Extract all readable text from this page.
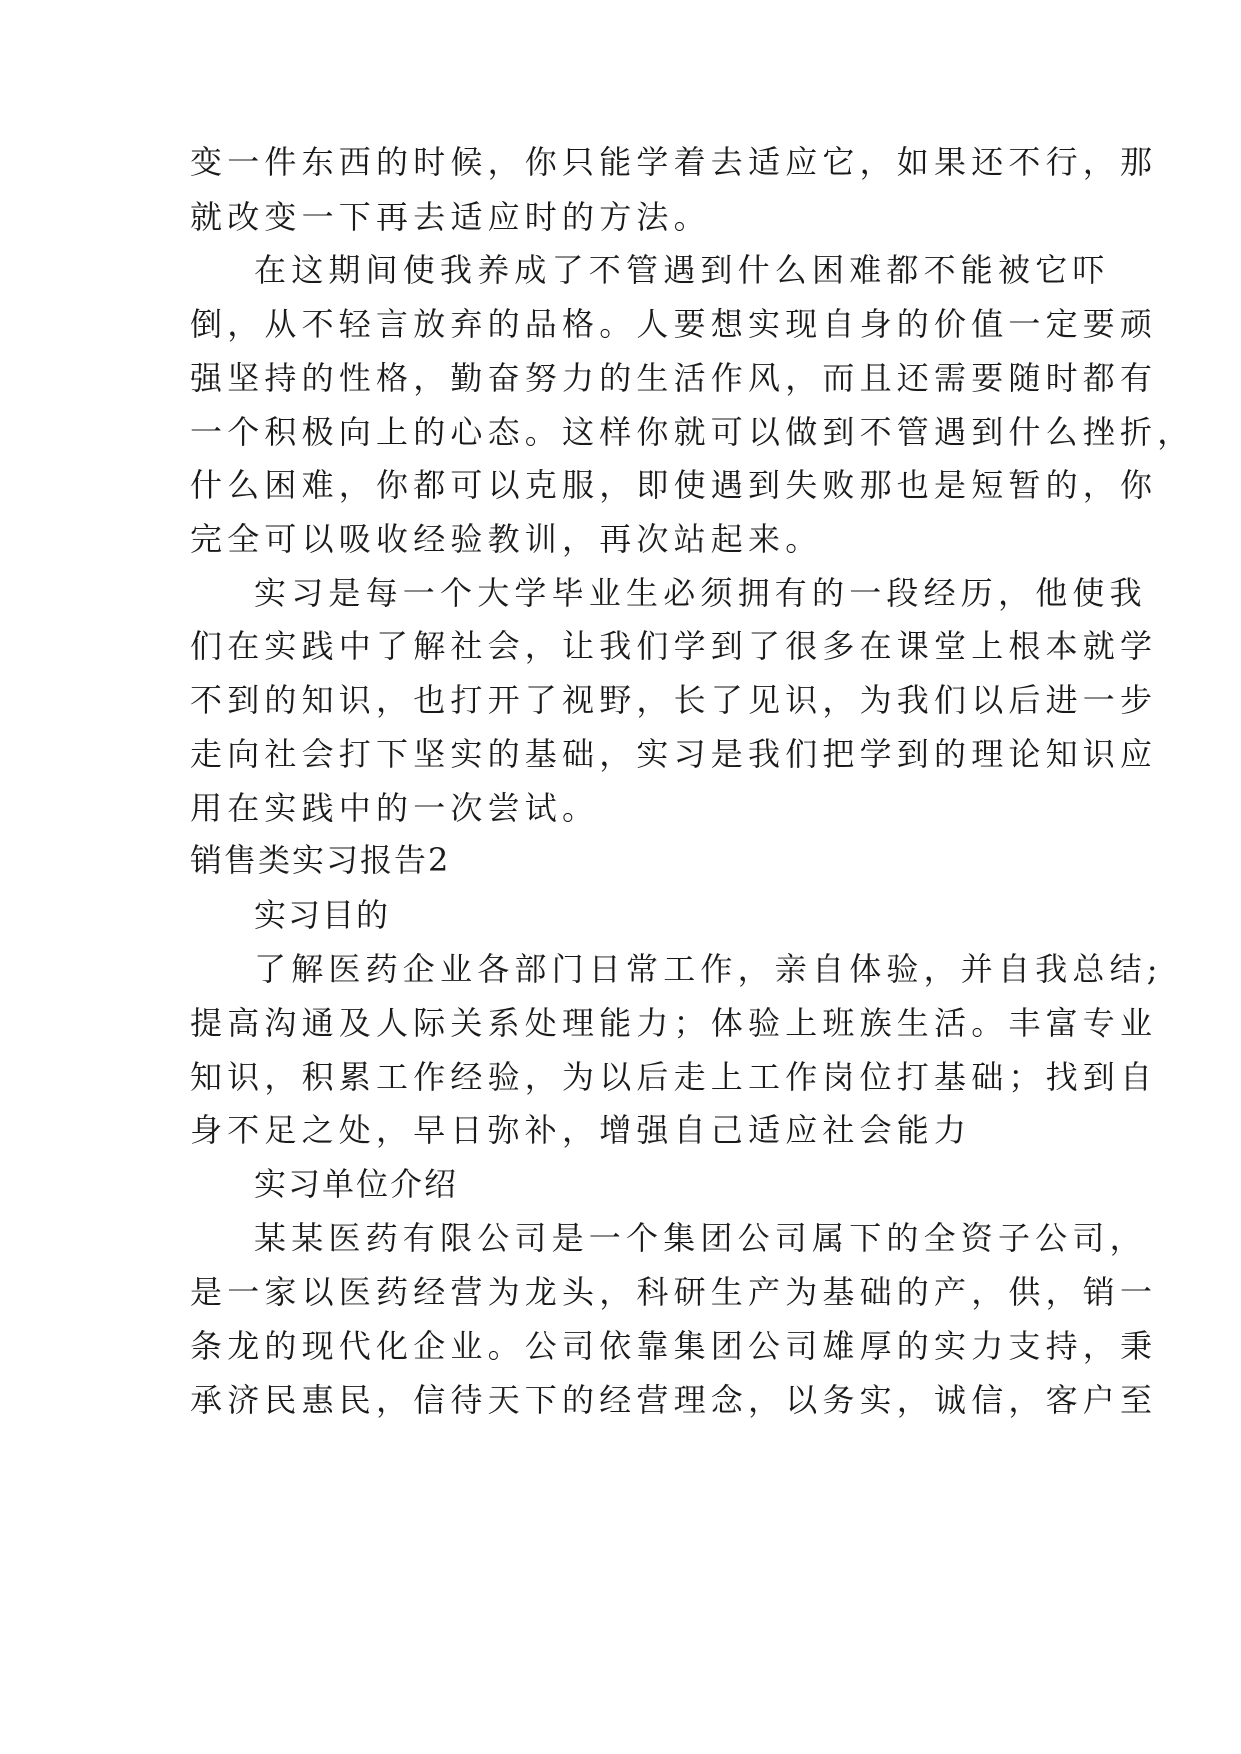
变一件东西的时候，你只能学着去适应它，如果还不行，那
就改变一下再去适应时的方法。
在这期间使我养成了不管遇到什么困难都不能被它吓
倒，从不轻言放弃的品格。人要想实现自身的价值一定要顽
强坚持的性格，勤奋努力的生活作风，而且还需要随时都有
一个积极向上的心态。这样你就可以做到不管遇到什么挫折，
什么困难，你都可以克服，即使遇到失败那也是短暂的，你
完全可以吸收经验教训，再次站起来。
实习是每一个大学毕业生必须拥有的一段经历，他使我
们在实践中了解社会，让我们学到了很多在课堂上根本就学
不到的知识，也打开了视野，长了见识，为我们以后进一步
走向社会打下坚实的基础，实习是我们把学到的理论知识应
用在实践中的一次尝试。
销售类实习报告2
实习目的
了解医药企业各部门日常工作，亲自体验，并自我总结;
提高沟通及人际关系处理能力；体验上班族生活。丰富专业
知识，积累工作经验，为以后走上工作岗位打基础；找到自
身不足之处，早日弥补，增强自己适应社会能力
实习单位介绍
某某医药有限公司是一个集团公司属下的全资子公司，
是一家以医药经营为龙头，科研生产为基础的产，供，销一
条龙的现代化企业。公司依靠集团公司雄厚的实力支持，秉
承济民惠民，信待天下的经营理念，以务实，诚信，客户至
